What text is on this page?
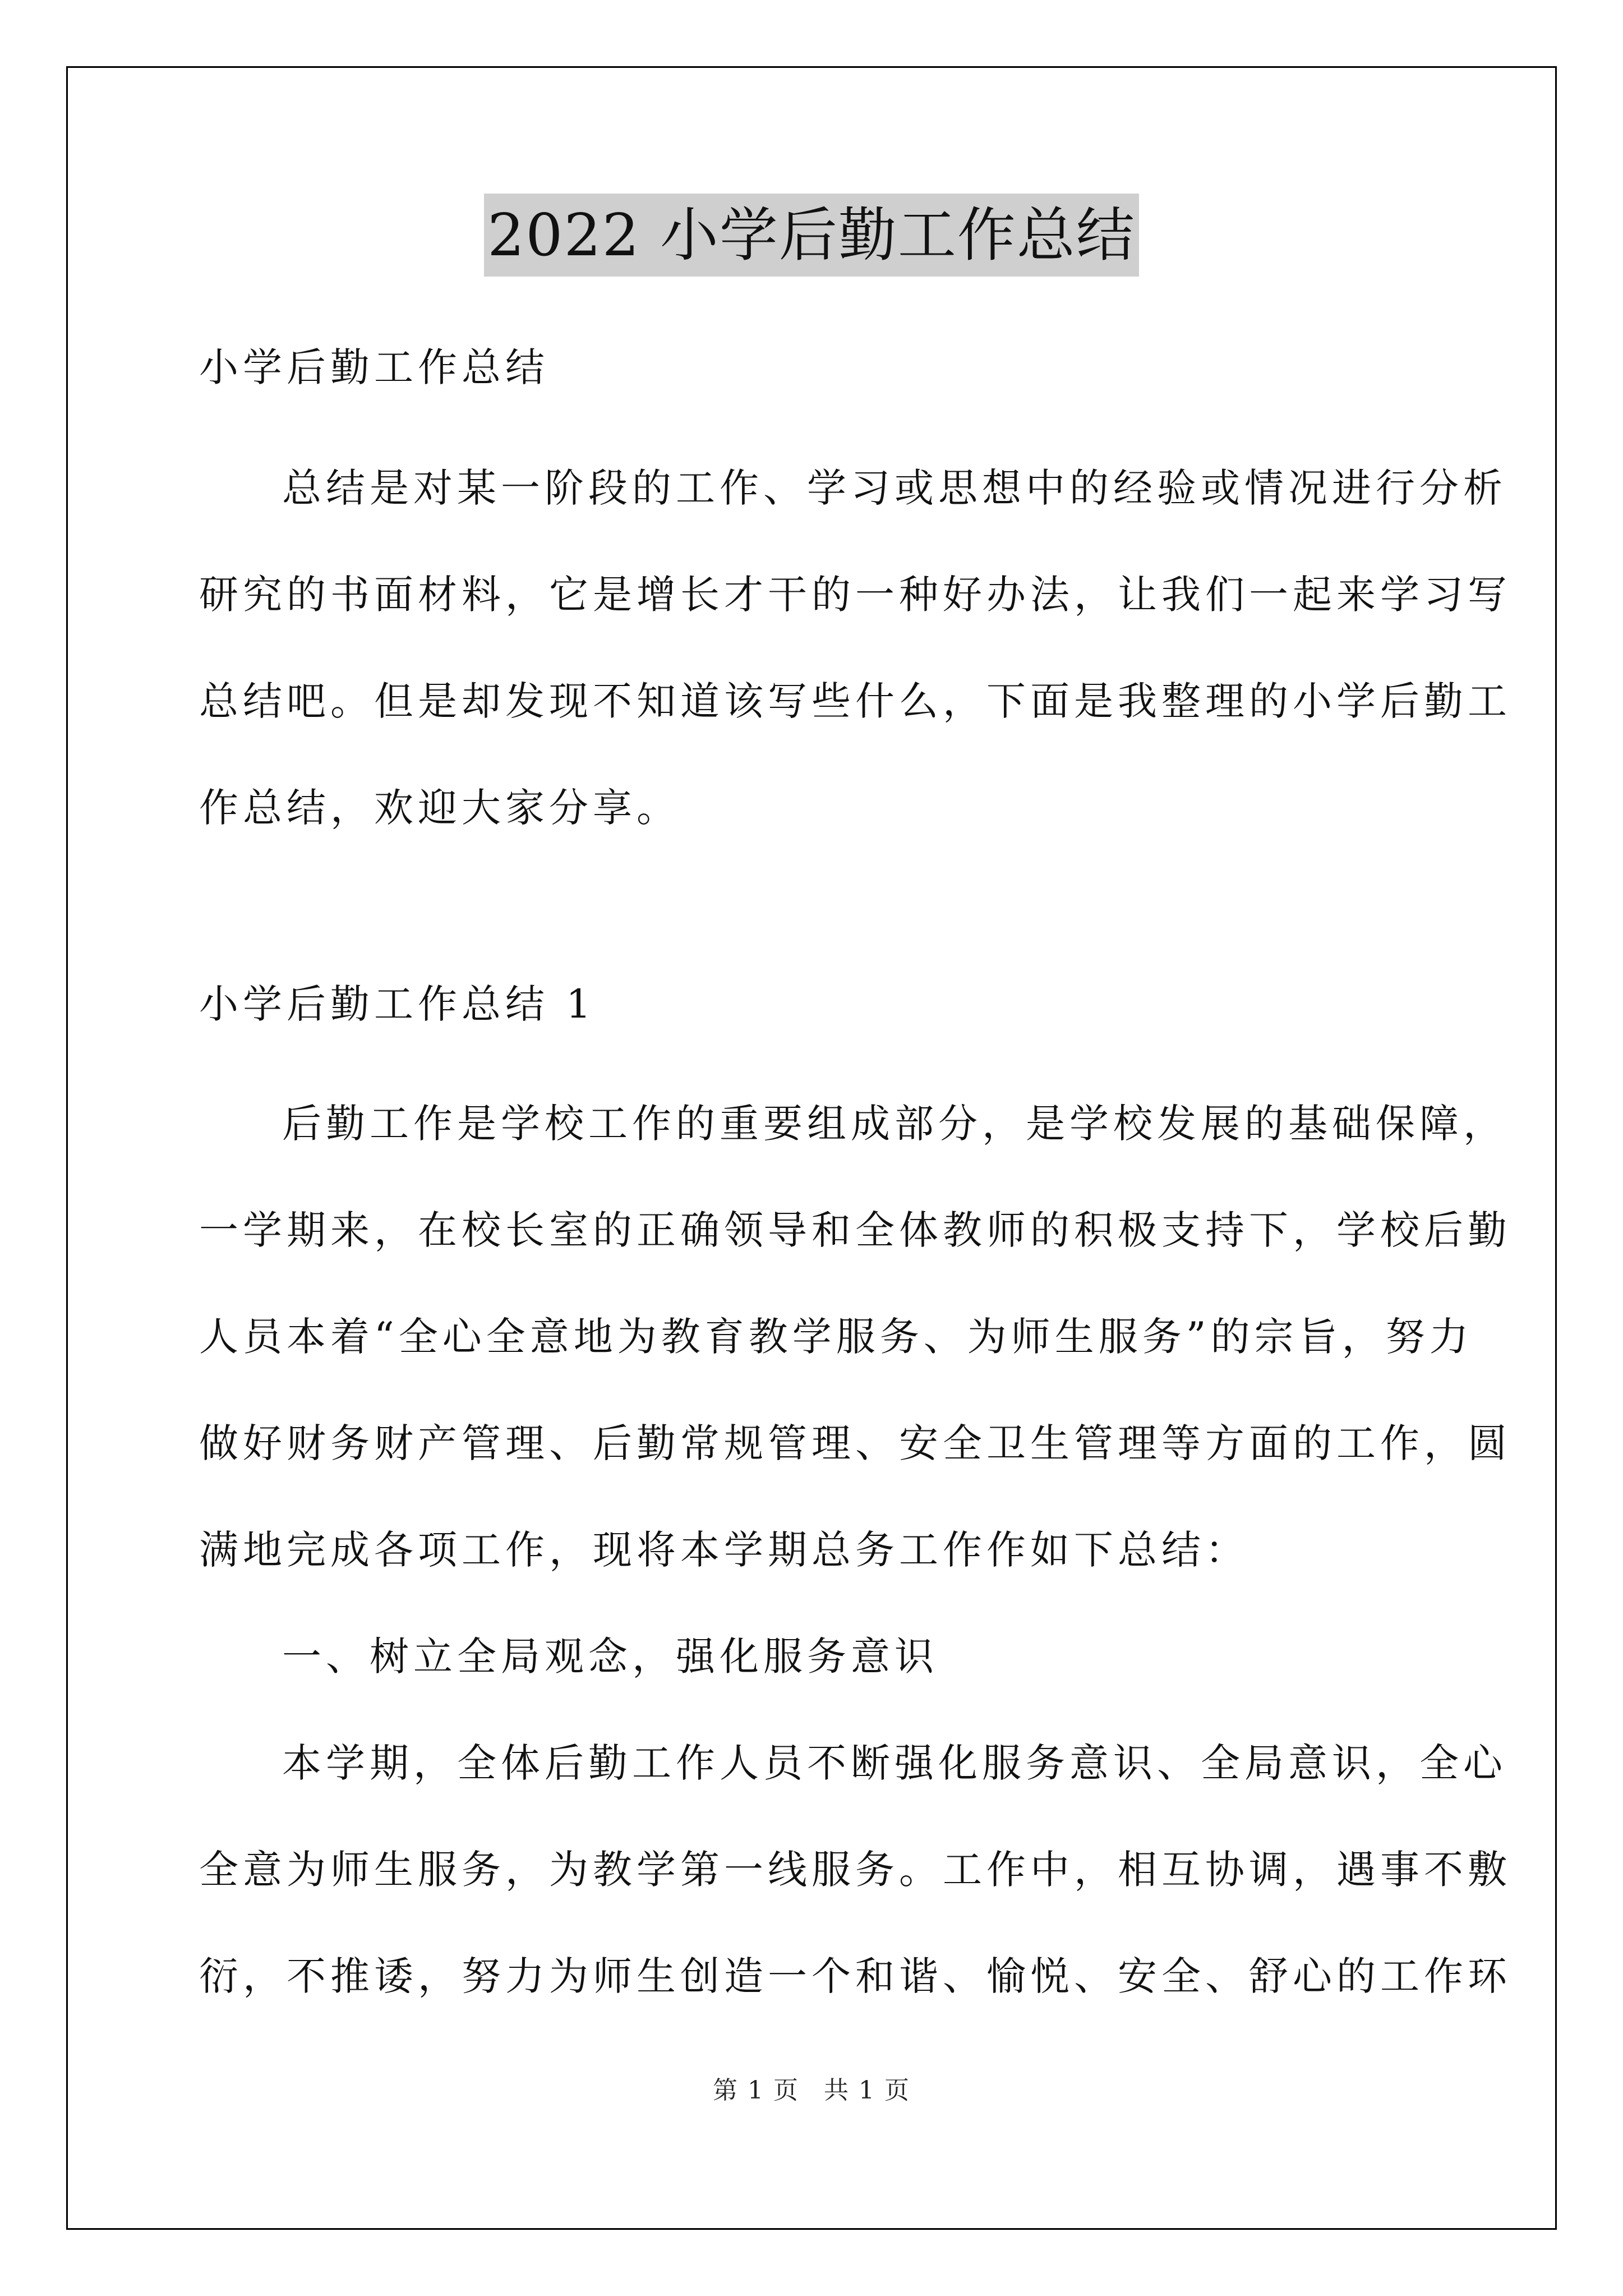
2022 小学后勤工作总结
小学后勤工作总结
总结是对某一阶段的工作、学习或思想中的经验或情况进行分析
研究的书面材料，它是增长才干的一种好办法，让我们一起来学习写
总结吧。但是却发现不知道该写些什么，下面是我整理的小学后勤工
作总结，欢迎大家分享。
小学后勤工作总结 1
后勤工作是学校工作的重要组成部分，是学校发展的基础保障，
一学期来，在校长室的正确领导和全体教师的积极支持下，学校后勤
人员本着“全心全意地为教育教学服务、为师生服务”的宗旨，努力
做好财务财产管理、后勤常规管理、安全卫生管理等方面的工作，圆
满地完成各项工作，现将本学期总务工作作如下总结：
一、树立全局观念，强化服务意识
本学期，全体后勤工作人员不断强化服务意识、全局意识，全心
全意为师生服务，为教学第一线服务。工作中，相互协调，遇事不敷
衍，不推诿，努力为师生创造一个和谐、愉悦、安全、舒心的工作环
第 1 页 共 1 页
